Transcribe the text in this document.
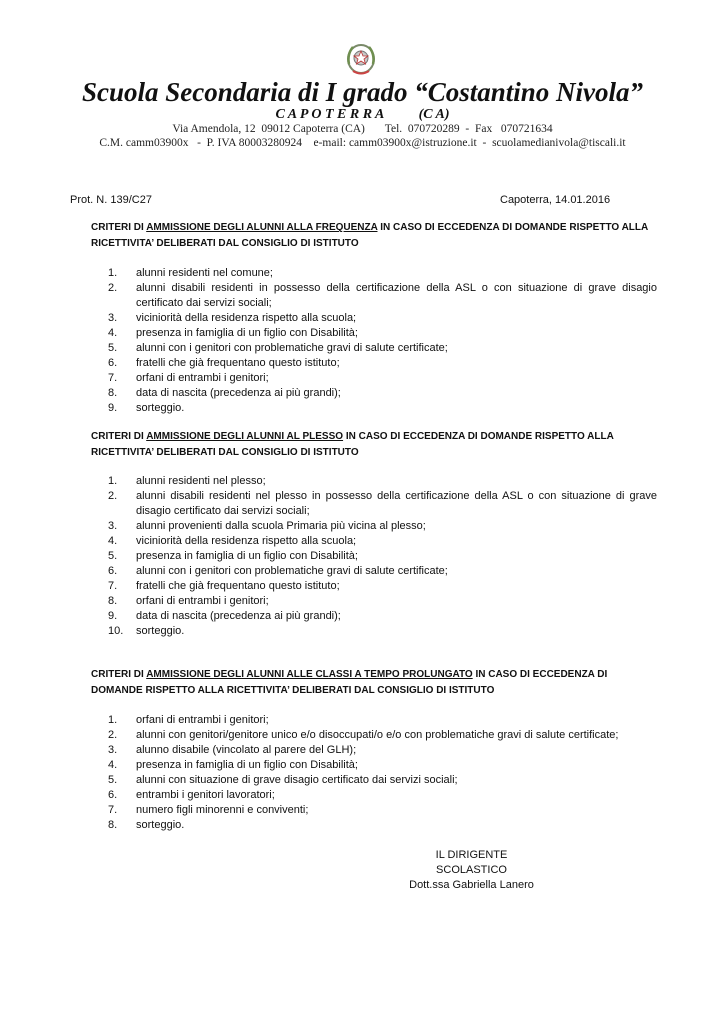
Scuola Secondaria di I grado “Costantino Nivola”
C A P O T E R R A          (C A)
Via Amendola, 12  09012 Capoterra (CA)       Tel.  070720289  -  Fax   070721634
C.M. camm03900x   -  P. IVA 80003280924    e-mail: camm03900x@istruzione.it  -  scuolamedianivola@tiscali.it
Prot. N. 139/C27	Capoterra, 14.01.2016
CRITERI DI AMMISSIONE DEGLI ALUNNI ALLA FREQUENZA IN CASO DI ECCEDENZA DI DOMANDE RISPETTO ALLA RICETTIVITA’ DELIBERATI DAL CONSIGLIO DI ISTITUTO
1.	alunni residenti nel comune;
2.	alunni disabili residenti in possesso della certificazione della ASL o con situazione di grave disagio certificato dai servizi sociali;
3.	viciniorità della residenza rispetto alla scuola;
4.	presenza in famiglia di un figlio con Disabilità;
5.	alunni con i genitori con problematiche gravi di salute certificate;
6.	fratelli che già frequentano questo istituto;
7.	orfani di entrambi i genitori;
8.	data di nascita (precedenza ai più grandi);
9.	sorteggio.
CRITERI DI AMMISSIONE DEGLI ALUNNI AL PLESSO IN CASO DI ECCEDENZA DI DOMANDE RISPETTO ALLA RICETTIVITA’ DELIBERATI DAL CONSIGLIO DI ISTITUTO
1.	alunni residenti nel plesso;
2.	alunni disabili residenti nel plesso in possesso della certificazione della ASL o con situazione di grave disagio certificato dai servizi sociali;
3.	alunni provenienti dalla scuola Primaria più vicina al plesso;
4.	viciniorità della residenza rispetto alla scuola;
5.	presenza in famiglia di un figlio con Disabilità;
6.	alunni con i genitori con problematiche gravi di salute certificate;
7.	fratelli che già frequentano questo istituto;
8.	orfani di entrambi i genitori;
9.	data di nascita (precedenza ai più grandi);
10.	sorteggio.
CRITERI DI AMMISSIONE DEGLI ALUNNI ALLE CLASSI A TEMPO PROLUNGATO IN CASO DI ECCEDENZA DI DOMANDE RISPETTO ALLA RICETTIVITA’ DELIBERATI DAL CONSIGLIO DI ISTITUTO
1.	orfani di entrambi i genitori;
2.	alunni con genitori/genitore unico e/o disoccupati/o e/o con problematiche gravi di salute certificate;
3.	alunno disabile (vincolato al parere del GLH);
4.	presenza in famiglia di un figlio con Disabilità;
5.	alunni con situazione di grave disagio certificato dai servizi sociali;
6.	entrambi i genitori lavoratori;
7.	numero figli minorenni e conviventi;
8.	sorteggio.
IL DIRIGENTE SCOLASTICO
Dott.ssa Gabriella Lanero
